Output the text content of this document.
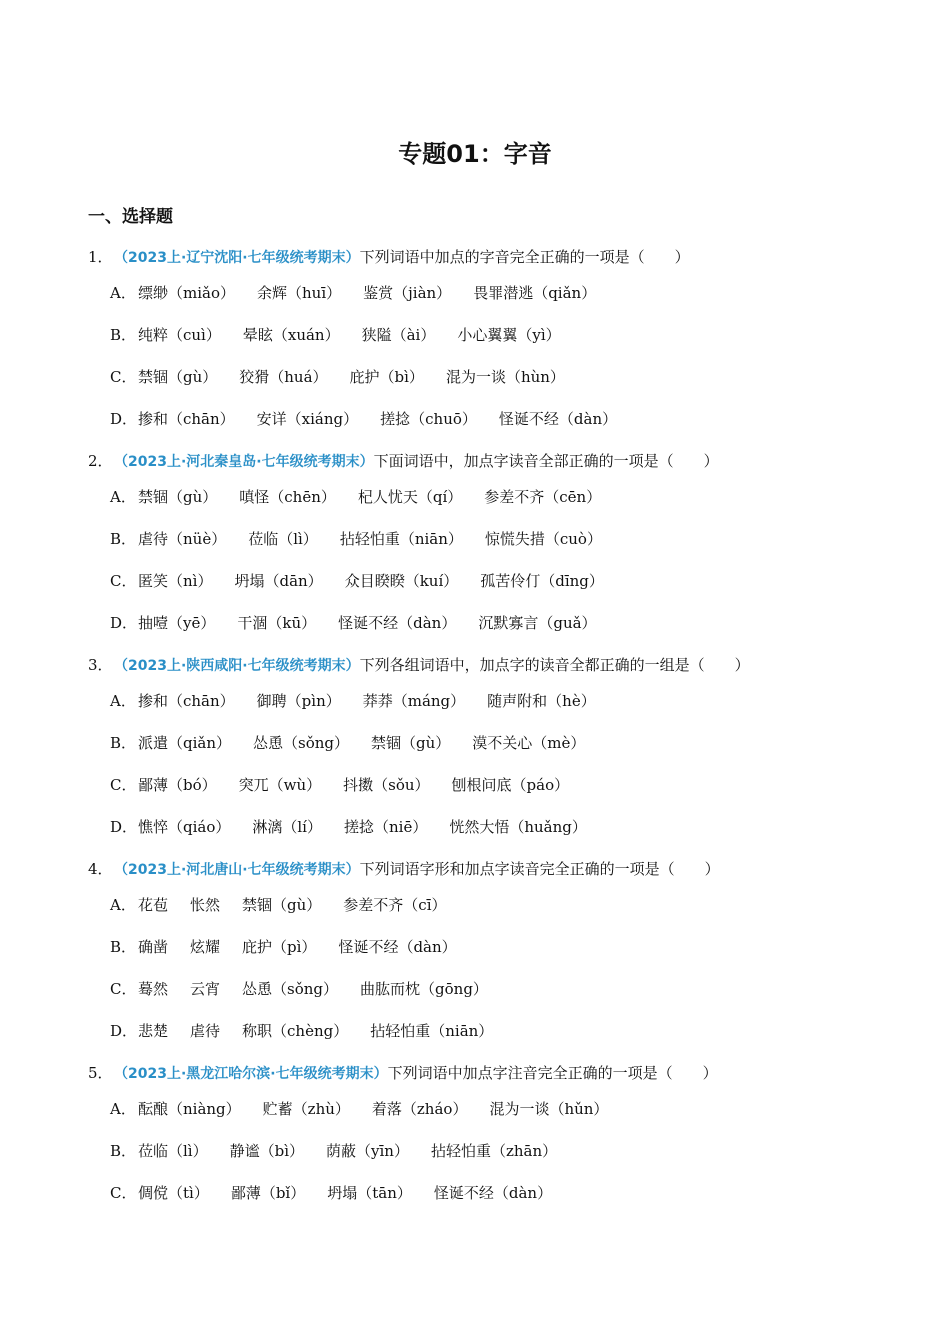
专题01：字音
一、选择题
1．（2023上·辽宁沈阳·七年级统考期末）下列词语中加点的字音完全正确的一项是（　　）
A． 缥缈（miǎo） 余辉（huī） 鉴赏（jiàn） 畏罪潜逃（qiǎn）
B． 纯粹（cuì） 晕眩（xuán） 狭隘（ài） 小心翼翼（yì）
C． 禁锢（gù） 狡猾（huá） 庇护（bì） 混为一谈（hùn）
D．掺和（chān） 安详（xiáng） 搓捻（chuō） 怪诞不经（dàn）
2．（2023上·河北秦皇岛·七年级统考期末）下面词语中，加点字读音全部正确的一项是（　　）
A． 禁锢（gù） 嗔怪（chēn） 杞人忧天（qí） 参差不齐（cēn）
B． 虐待（nüè） 莅临（lì） 拈轻怕重（niān） 惊慌失措（cuò）
C． 匿笑（nì） 坍塌（dān） 众目睽睽（kuí） 孤苦伶仃（dīng）
D．抽噎（yē） 干涸（kū） 怪诞不经（dàn） 沉默寡言（guǎ）
3．（2023上·陕西咸阳·七年级统考期末）下列各组词语中，加点字的读音全都正确的一组是（　　）
A． 掺和（chān） 御聘（pìn） 莽莽（máng） 随声附和（hè）
B． 派遣（qiǎn） 怂恿（sǒng） 禁锢（gù） 漠不关心（mè）
C． 鄙薄（bó） 突兀（wù） 抖擞（sǒu） 刨根问底（páo）
D．憔悴（qiáo） 淋漓（lí） 搓捻（niē） 恍然大悟（huǎng）
4．（2023上·河北唐山·七年级统考期末）下列词语字形和加点字读音完全正确的一项是（　　）
A． 花苞 怅然 禁锢（gù） 参差不齐（cī）
B． 确凿 炫耀 庇护（pì） 怪诞不经（dàn）
C． 蓦然 云宵 怂恿（sǒng） 曲肱而枕（gōng）
D．悲楚 虐待 称职（chèng） 拈轻怕重（niān）
5．（2023上·黑龙江哈尔滨·七年级统考期末）下列词语中加点字注音完全正确的一项是（　　）
A． 酝酿（niàng） 贮蓄（zhù） 着落（zháo） 混为一谈（hǔn）
B． 莅临（lì） 静谧（bì） 荫蔽（yīn） 拈轻怕重（zhān）
C． 倜傥（tì） 鄙薄（bǐ） 坍塌（tān） 怪诞不经（dàn）
